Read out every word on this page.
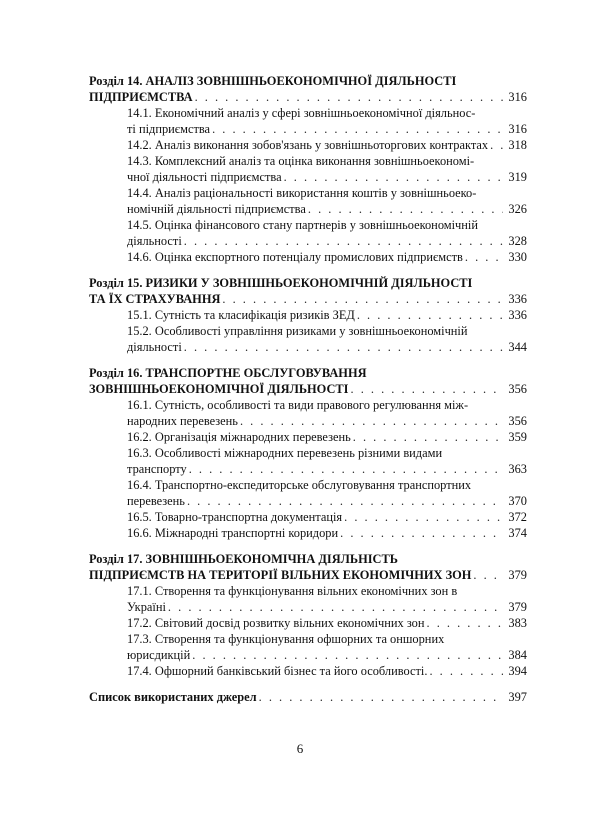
Розділ 14. АНАЛІЗ ЗОВНІШНЬОЕКОНОМІЧНОЇ ДІЯЛЬНОСТІ
ПІДПРИЄМСТВА . . .	316
14.1. Економічний аналіз у сфері зовнішньоекономічної діяльнос-
ті підприємства . . .	316
14.2. Аналіз виконання зобов'язань у зовнішньоторгових контрактах . . . 318
14.3. Комплексний аналіз та оцінка виконання зовнішньоекономі-
чної діяльності підприємства . . .	319
14.4. Аналіз раціональності використання коштів у зовнішньоеко-
номічній діяльності підприємства . . .	326
14.5. Оцінка фінансового стану партнерів у зовнішньоекономічній
діяльності . . .	328
14.6. Оцінка експортного потенціалу промислових підприємств . . .	330
Розділ 15. РИЗИКИ У ЗОВНІШНЬОЕКОНОМІЧНІЙ ДІЯЛЬНОСТІ
ТА ЇХ СТРАХУВАННЯ . . .	336
15.1. Сутність та класифікація ризиків ЗЕД . . .	336
15.2. Особливості управління ризиками у зовнішньоекономічній
діяльності . . .	344
Розділ 16. ТРАНСПОРТНЕ ОБСЛУГОВУВАННЯ
ЗОВНІШНЬОЕКОНОМІЧНОЇ ДІЯЛЬНОСТІ . . .	356
16.1. Сутність, особливості та види правового регулювання між-
народних перевезень . . .	356
16.2. Організація міжнародних перевезень . . .	359
16.3. Особливості міжнародних перевезень різними видами
транспорту . . .	363
16.4. Транспортно-експедиторське обслуговування транспортних
перевезень . . .	370
16.5. Товарно-транспортна документація . . .	372
16.6. Міжнародні транспортні коридори . . .	374
Розділ 17. ЗОВНІШНЬОЕКОНОМІЧНА ДІЯЛЬНІСТЬ
ПІДПРИЄМСТВ НА ТЕРИТОРІЇ ВІЛЬНИХ ЕКОНОМІЧНИХ ЗОН . . .	379
17.1. Створення та функціонування вільних економічних зон в
Україні . . .	379
17.2. Світовий досвід розвитку вільних економічних зон . . .	383
17.3. Створення та функціонування офшорних та оншорних
юрисдикцій . . .	384
17.4. Офшорний банківський бізнес та його особливості. . . .	394
Список використаних джерел . . .	397
6
